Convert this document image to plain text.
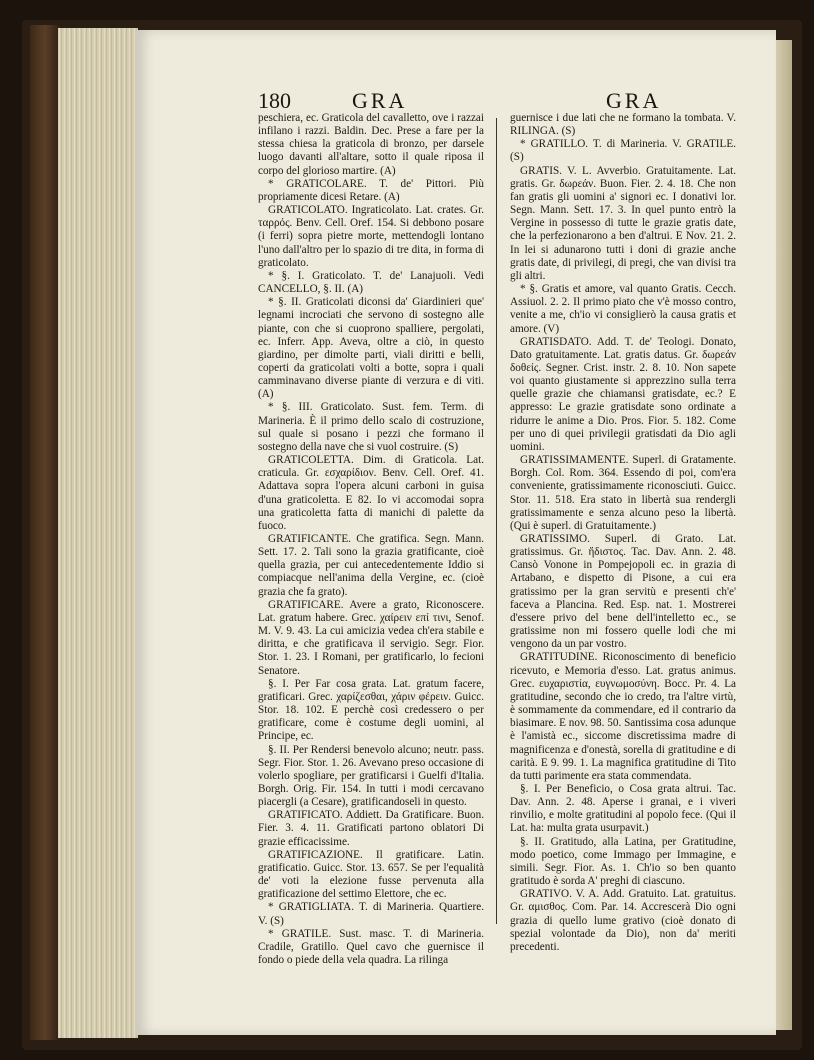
180	GRA	GRA

peschiera, ec. Graticola del cavalletto, ove i razzai infilano i razzi. Baldin. Dec. Prese a fare per la stessa chiesa la graticola di bronzo, per darsele luogo davanti all'altare, sotto il quale riposa il corpo del glorioso martire. (A)

* GRATICOLARE. T. de' Pittori. Più propriamente dicesi Retare. (A)

GRATICOLATO. Ingraticolato. Lat. crates. Gr. ταρρός. Benv. Cell. Oref. 154. Si debbono posare (i ferri) sopra pietre morte, mettendogli lontano l'uno dall'altro per lo spazio di tre dita, in forma di graticolato.

* §. I. Graticolato. T. de' Lanajuoli. Vedi CANCELLO, §. II. (A)

* §. II. Graticolati diconsi da' Giardinieri que' legnami incrociati che servono di sostegno alle piante, con che si cuoprono spalliere, pergolati, ec. Inferr. App. Aveva, oltre a ciò, in questo giardino, per dimolte parti, viali diritti e belli, coperti da graticolati volti a botte, sopra i quali camminavano diverse piante di verzura e di viti. (A)

* §. III. Graticolato. Sust. fem. Term. di Marineria. È il primo dello scalo di costruzione, sul quale si posano i pezzi che formano il sostegno della nave che si vuol costruire. (S)

GRATICOLETTA. Dim. di Graticola. Lat. craticula. Gr. εσχαρίδιον. Benv. Cell. Oref. 41. Adattava sopra l'opera alcuni carboni in guisa d'una graticoletta. E 82. Io vi accomodai sopra una graticoletta fatta di manichi di palette da fuoco.

GRATIFICANTE. Che gratifica. Segn. Mann. Sett. 17. 2. Tali sono la grazia gratificante, cioè quella grazia, per cui antecedentemente Iddio si compiacque nell'anima della Vergine, ec. (cioè grazia che fa grato).

GRATIFICARE. Avere a grato, Riconoscere. Lat. gratum habere. Grec. χαίρειν επί τινι, Senof. M. V. 9. 43. La cui amicizia vedea ch'era stabile e diritta, e che gratificava il servigio. Segr. Fior. Stor. 1. 23. I Romani, per gratificarlo, lo fecioni Senatore.

§. I. Per Far cosa grata. Lat. gratum facere, gratificari. Grec. χαρίζεσθαι, χάριν φέρειν. Guicc. Stor. 18. 102. E perchè così credessero o per gratificare, come è costume degli uomini, al Principe, ec.

§. II. Per Rendersi benevolo alcuno; neutr. pass. Segr. Fior. Stor. 1. 26. Avevano preso occasione di volerlo spogliare, per gratificarsi i Guelfi d'Italia. Borgh. Orig. Fir. 154. In tutti i modi cercavano piacergli (a Cesare), gratificandoseli in questo.

GRATIFICATO. Addiett. Da Gratificare. Buon. Fier. 3. 4. 11. Gratificati partono oblatori Di grazie efficacissime.

GRATIFICAZIONE. Il gratificare. Latin. gratificatio. Guicc. Stor. 13. 657. Se per l'equalità de' voti la elezione fusse pervenuta alla gratificazione del settimo Elettore, che ec.

* GRATIGLIATA. T. di Marineria. Quartiere. V. (S)

* GRATILE. Sust. masc. T. di Marineria. Cradile, Gratillo. Quel cavo che guernisce il fondo o piede della vela quadra. La rilinga

guernisce i due lati che ne formano la tombata. V. RILINGA. (S)

* GRATILLO. T. di Marineria. V. GRATILE. (S)

GRATIS. V. L. Avverbio. Gratuitamente. Lat. gratis. Gr. δωρεάν. Buon. Fier. 2. 4. 18. Che non fan gratis gli uomini a' signori ec. I donativi lor. Segn. Mann. Sett. 17. 3. In quel punto entrò la Vergine in possesso di tutte le grazie gratis date, che la perfezionarono a ben d'altrui. E Nov. 21. 2. In lei si adunarono tutti i doni di grazie anche gratis date, di privilegi, di pregi, che van divisi tra gli altri.

* §. Gratis et amore, val quanto Gratis. Cecch. Assiuol. 2. 2. Il primo piato che v'è mosso contro, venite a me, ch'io vi consiglierò la causa gratis et amore. (V)

GRATISDATO. Add. T. de' Teologi. Donato, Dato gratuitamente. Lat. gratis datus. Gr. δωρεάν δοθείς. Segner. Crist. instr. 2. 8. 10. Non sapete voi quanto giustamente si apprezzino sulla terra quelle grazie che chiamansi gratisdate, ec.? E appresso: Le grazie gratisdate sono ordinate a ridurre le anime a Dio. Pros. Fior. 5. 182. Come per uno di quei privilegii gratisdati da Dio agli uomini.

GRATISSIMAMENTE. Superl. di Gratamente. Borgh. Col. Rom. 364. Essendo di poi, com'era conveniente, gratissimamente riconosciuti. Guicc. Stor. 11. 518. Era stato in libertà sua rendergli gratissimamente e senza alcuno peso la libertà. (Qui è superl. di Gratuitamente.)

GRATISSIMO. Superl. di Grato. Lat. gratissimus. Gr. ἥδιστος. Tac. Dav. Ann. 2. 48. Cansò Vonone in Pompejopoli ec. in grazia di Artabano, e dispetto di Pisone, a cui era gratissimo per la gran servitù e presenti ch'e' faceva a Plancina. Red. Esp. nat. 1. Mostrerei d'essere privo del bene dell'intelletto ec., se gratissime non mi fossero quelle lodi che mi vengono da un par vostro.

GRATITUDINE. Riconoscimento di beneficio ricevuto, e Memoria d'esso. Lat. gratus animus. Grec. ευχαριστία, ευγνωμοσύνη. Bocc. Pr. 4. La gratitudine, secondo che io credo, tra l'altre virtù, è sommamente da commendare, ed il contrario da biasimare. E nov. 98. 50. Santissima cosa adunque è l'amistà ec., siccome discretissima madre di magnificenza e d'onestà, sorella di gratitudine e di carità. E 9. 99. 1. La magnifica gratitudine di Tito da tutti parimente era stata commendata.

§. I. Per Beneficio, o Cosa grata altrui. Tac. Dav. Ann. 2. 48. Aperse i granai, e i viveri rinvilio, e molte gratitudini al popolo fece. (Qui il Lat. ha: multa grata usurpavit.)

§. II. Gratitudo, alla Latina, per Gratitudine, modo poetico, come Immago per Immagine, e simili. Segr. Fior. As. 1. Ch'io so ben quanto gratitudo è sorda A' preghi di ciascuno.

GRATIVO. V. A. Add. Gratuito. Lat. gratuitus. Gr. αμισθος. Com. Par. 14. Accrescerà Dio ogni grazia di quello lume grativo (cioè donato di spezial volontade da Dio), non da' meriti precedenti.
